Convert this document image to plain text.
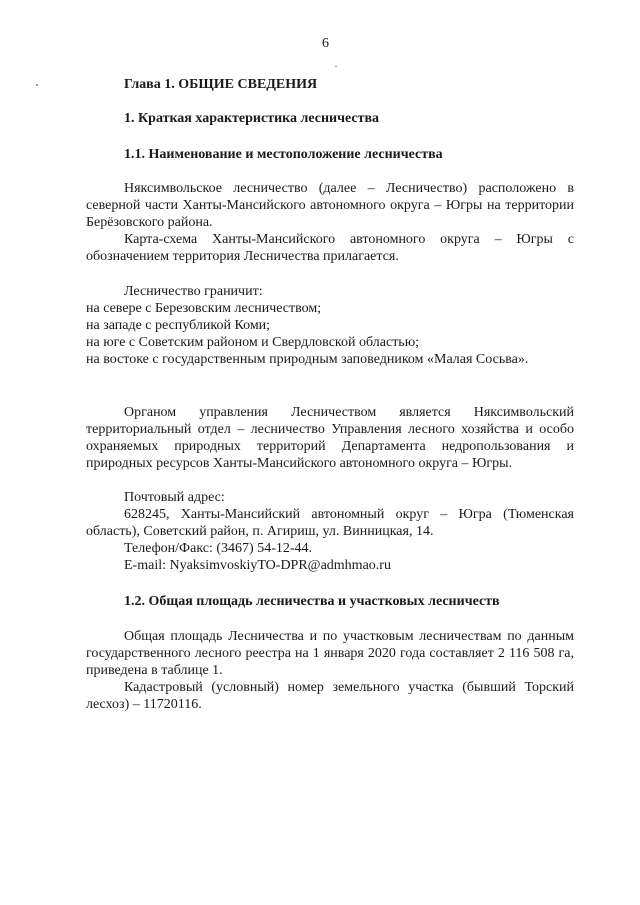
6
Глава 1. ОБЩИЕ СВЕДЕНИЯ
1. Краткая характеристика лесничества
1.1. Наименование и местоположение лесничества
Няксимвольское лесничество (далее – Лесничество) расположено в северной части Ханты-Мансийского автономного округа – Югры на территории Берёзовского района.
Карта-схема Ханты-Мансийского автономного округа – Югры с обозначением территория Лесничества прилагается.
Лесничество граничит:
на севере с Березовским лесничеством;
на западе с республикой Коми;
на юге с Советским районом и Свердловской областью;
на востоке с государственным природным заповедником «Малая Сосьва».
Органом управления Лесничеством является Няксимвольский территориальный отдел – лесничество Управления лесного хозяйства и особо охраняемых природных территорий Департамента недропользования и природных ресурсов Ханты-Мансийского автономного округа – Югры.
Почтовый адрес:
628245, Ханты-Мансийский автономный округ – Югра (Тюменская область), Советский район, п. Агириш, ул. Винницкая, 14.
Телефон/Факс: (3467) 54-12-44.
E-mail: NyaksimvoskiyTO-DPR@admhmao.ru
1.2. Общая площадь лесничества и участковых лесничеств
Общая площадь Лесничества и по участковым лесничествам по данным государственного лесного реестра на 1 января 2020 года составляет 2 116 508 га, приведена в таблице 1.
Кадастровый (условный) номер земельного участка (бывший Торский лесхоз) – 11720116.
